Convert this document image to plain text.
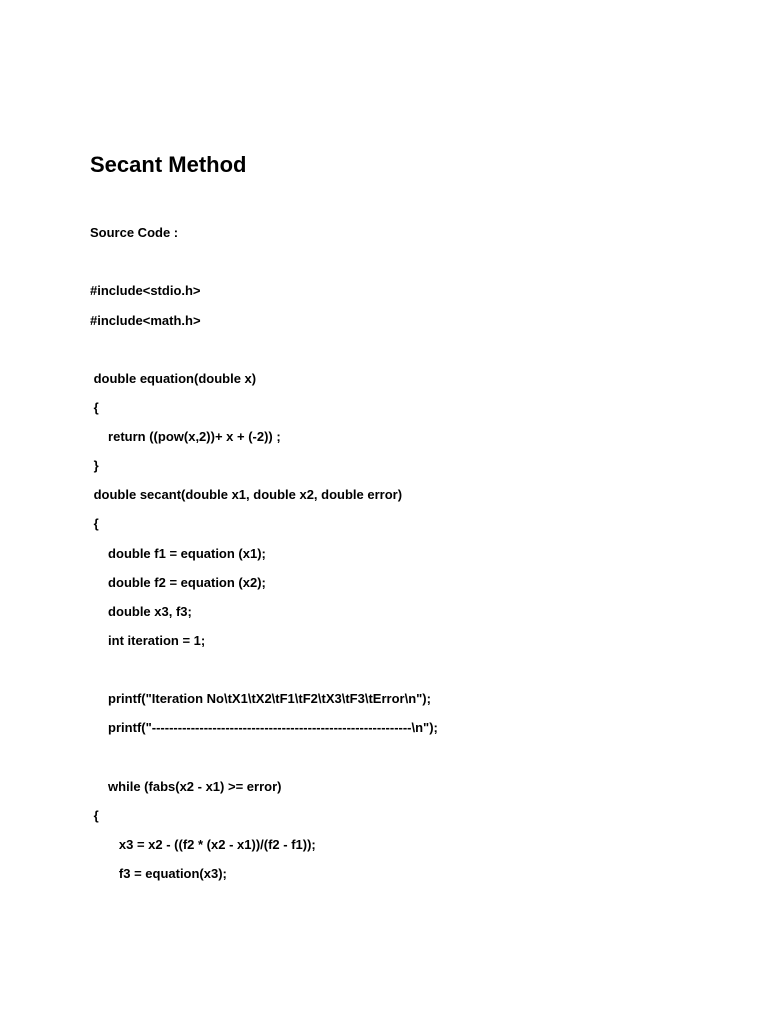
Secant Method

Source Code :

#include<stdio.h>

#include<math.h>

double equation(double x)

{

return ((pow(x,2))+ x + (-2)) ;

}

double secant(double x1, double x2, double error)

{

double f1 = equation (x1);

double f2 = equation (x2);

double x3, f3;

int iteration = 1;

printf("Iteration No\tX1\tX2\tF1\tF2\tX3\tF3\tError\n");

printf("------------------------------------------------------------\n");

while (fabs(x2 - x1) >= error)

{

x3 = x2 - ((f2 * (x2 - x1))/(f2 - f1));

f3 = equation(x3);
